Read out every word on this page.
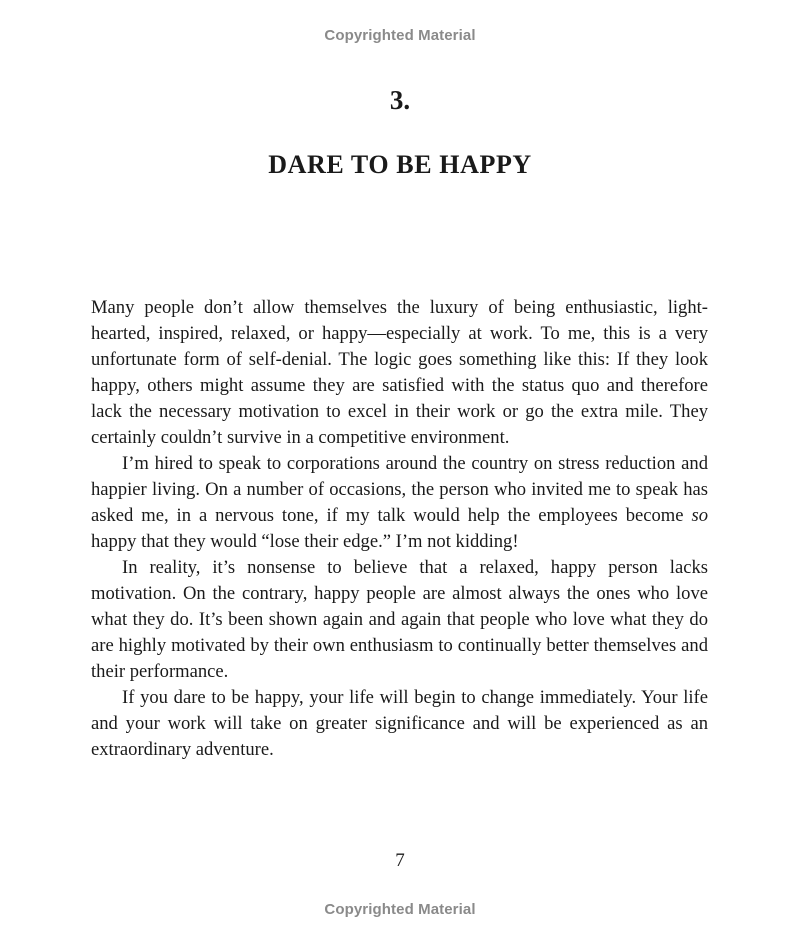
Copyrighted Material
3.
DARE TO BE HAPPY

Many people don’t allow themselves the luxury of being enthusiastic, light-hearted, inspired, relaxed, or happy—especially at work. To me, this is a very unfortunate form of self-denial. The logic goes something like this: If they look happy, others might assume they are satisfied with the status quo and therefore lack the necessary motivation to excel in their work or go the extra mile. They certainly couldn’t survive in a competitive environment.

I’m hired to speak to corporations around the country on stress reduction and happier living. On a number of occasions, the person who invited me to speak has asked me, in a nervous tone, if my talk would help the employees become so happy that they would “lose their edge.” I’m not kidding!

In reality, it’s nonsense to believe that a relaxed, happy person lacks motivation. On the contrary, happy people are almost always the ones who love what they do. It’s been shown again and again that people who love what they do are highly motivated by their own enthusiasm to continually better themselves and their performance.

If you dare to be happy, your life will begin to change immediately. Your life and your work will take on greater significance and will be experienced as an extraordinary adventure.

7
Copyrighted Material
